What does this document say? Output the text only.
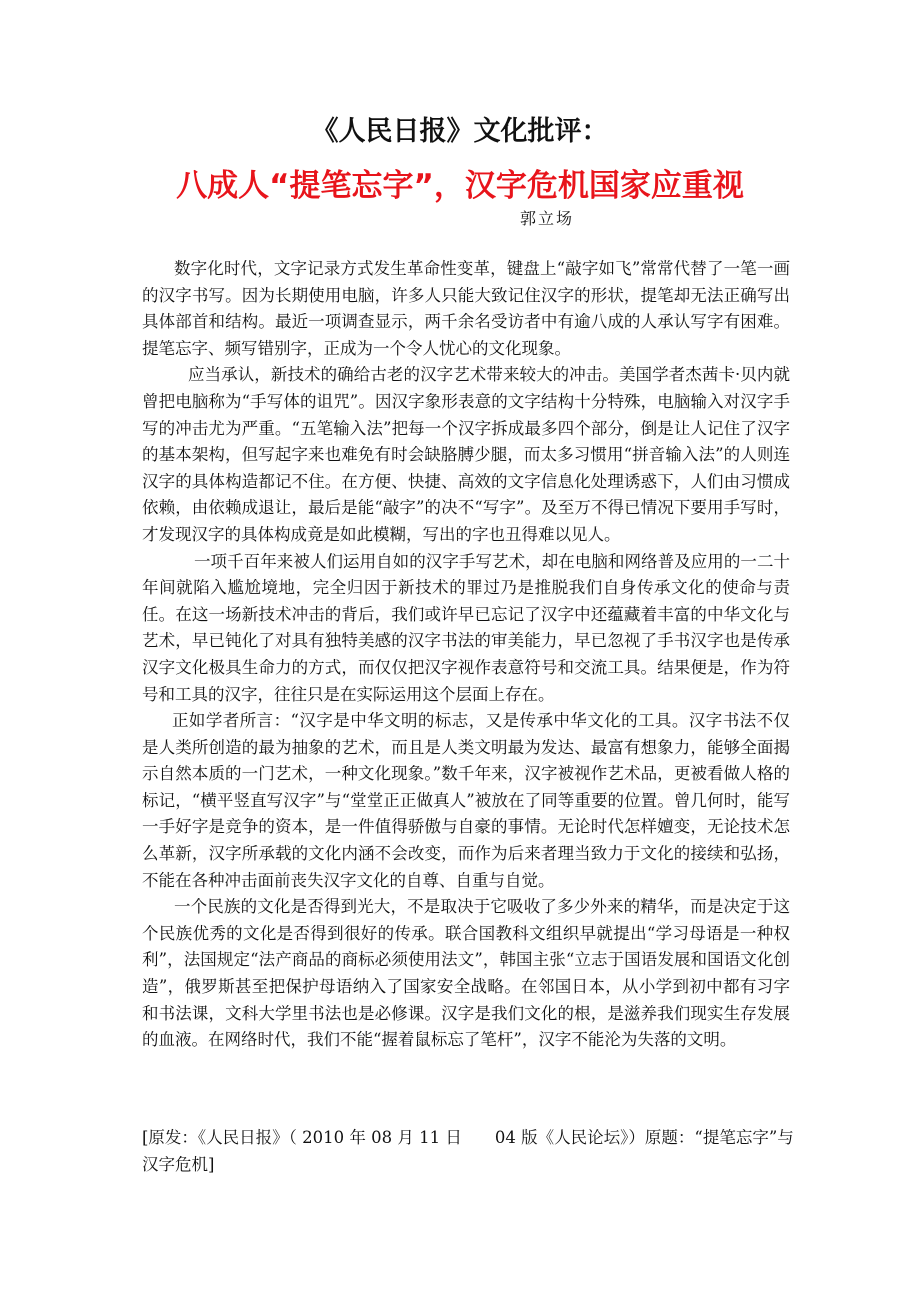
《人民日报》文化批评：
八成人“提笔忘字”，汉字危机国家应重视
郭立场

数字化时代，文字记录方式发生革命性变革，键盘上“敲字如飞”常常代替了一笔一画的汉字书写。因为长期使用电脑，许多人只能大致记住汉字的形状，提笔却无法正确写出具体部首和结构。最近一项调查显示，两千余名受访者中有逾八成的人承认写字有困难。提笔忘字、频写错别字，正成为一个令人忧心的文化现象。

应当承认，新技术的确给古老的汉字艺术带来较大的冲击。美国学者杰茜卡·贝内就曾把电脑称为“手写体的诅咒”。因汉字象形表意的文字结构十分特殊，电脑输入对汉字手写的冲击尤为严重。“五笔输入法”把每一个汉字拆成最多四个部分，倒是让人记住了汉字的基本架构，但写起字来也难免有时会缺胳膊少腿，而太多习惯用“拼音输入法”的人则连汉字的具体构造都记不住。在方便、快捷、高效的文字信息化处理诱惑下，人们由习惯成依赖，由依赖成退让，最后是能“敲字”的决不“写字”。及至万不得已情况下要用手写时，才发现汉字的具体构成竟是如此模糊，写出的字也丑得难以见人。

一项千百年来被人们运用自如的汉字手写艺术，却在电脑和网络普及应用的一二十年间就陷入尴尬境地，完全归因于新技术的罪过乃是推脱我们自身传承文化的使命与责任。在这一场新技术冲击的背后，我们或许早已忘记了汉字中还蕴藏着丰富的中华文化与艺术，早已钝化了对具有独特美感的汉字书法的审美能力，早已忽视了手书汉字也是传承汉字文化极具生命力的方式，而仅仅把汉字视作表意符号和交流工具。结果便是，作为符号和工具的汉字，往往只是在实际运用这个层面上存在。

正如学者所言：“汉字是中华文明的标志，又是传承中华文化的工具。汉字书法不仅是人类所创造的最为抽象的艺术，而且是人类文明最为发达、最富有想象力，能够全面揭示自然本质的一门艺术，一种文化现象。”数千年来，汉字被视作艺术品，更被看做人格的标记，“横平竖直写汉字”与“堂堂正正做真人”被放在了同等重要的位置。曾几何时，能写一手好字是竞争的资本，是一件值得骄傲与自豪的事情。无论时代怎样嬗变，无论技术怎么革新，汉字所承载的文化内涵不会改变，而作为后来者理当致力于文化的接续和弘扬，不能在各种冲击面前丧失汉字文化的自尊、自重与自觉。

一个民族的文化是否得到光大，不是取决于它吸收了多少外来的精华，而是决定于这个民族优秀的文化是否得到很好的传承。联合国教科文组织早就提出“学习母语是一种权利”，法国规定“法产商品的商标必须使用法文”，韩国主张“立志于国语发展和国语文化创造”，俄罗斯甚至把保护母语纳入了国家安全战略。在邻国日本，从小学到初中都有习字和书法课，文科大学里书法也是必修课。汉字是我们文化的根，是滋养我们现实生存发展的血液。在网络时代，我们不能“握着鼠标忘了笔杆”，汉字不能沦为失落的文明。

[原发：《人民日报》（ 2010 年 08 月 11 日　　04 版《人民论坛》）原题：“提笔忘字”与汉字危机]
